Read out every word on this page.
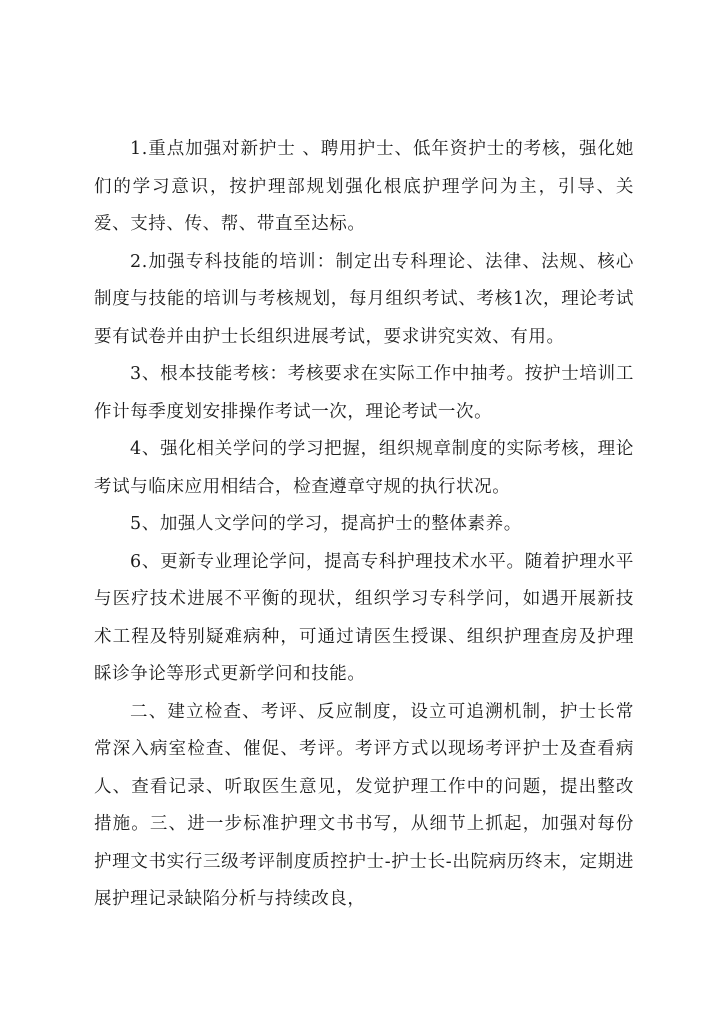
1.重点加强对新护士 、聘用护士、低年资护士的考核，强化她们的学习意识，按护理部规划强化根底护理学问为主，引导、关爱、支持、传、帮、带直至达标。

2.加强专科技能的培训：制定出专科理论、法律、法规、核心制度与技能的培训与考核规划，每月组织考试、考核1次，理论考试要有试卷并由护士长组织进展考试，要求讲究实效、有用。

3、根本技能考核：考核要求在实际工作中抽考。按护士培训工作计每季度划安排操作考试一次，理论考试一次。

4、强化相关学问的学习把握，组织规章制度的实际考核，理论考试与临床应用相结合，检查遵章守规的执行状况。

5、加强人文学问的学习，提高护士的整体素养。

6、更新专业理论学问，提高专科护理技术水平。随着护理水平与医疗技术进展不平衡的现状，组织学习专科学问，如遇开展新技术工程及特别疑难病种，可通过请医生授课、组织护理查房及护理睬诊争论等形式更新学问和技能。

二、建立检查、考评、反应制度，设立可追溯机制，护士长常常深入病室检查、催促、考评。考评方式以现场考评护士及查看病人、查看记录、听取医生意见，发觉护理工作中的问题，提出整改措施。三、进一步标准护理文书书写，从细节上抓起，加强对每份护理文书实行三级考评制度质控护士-护士长-出院病历终末，定期进展护理记录缺陷分析与持续改良，
